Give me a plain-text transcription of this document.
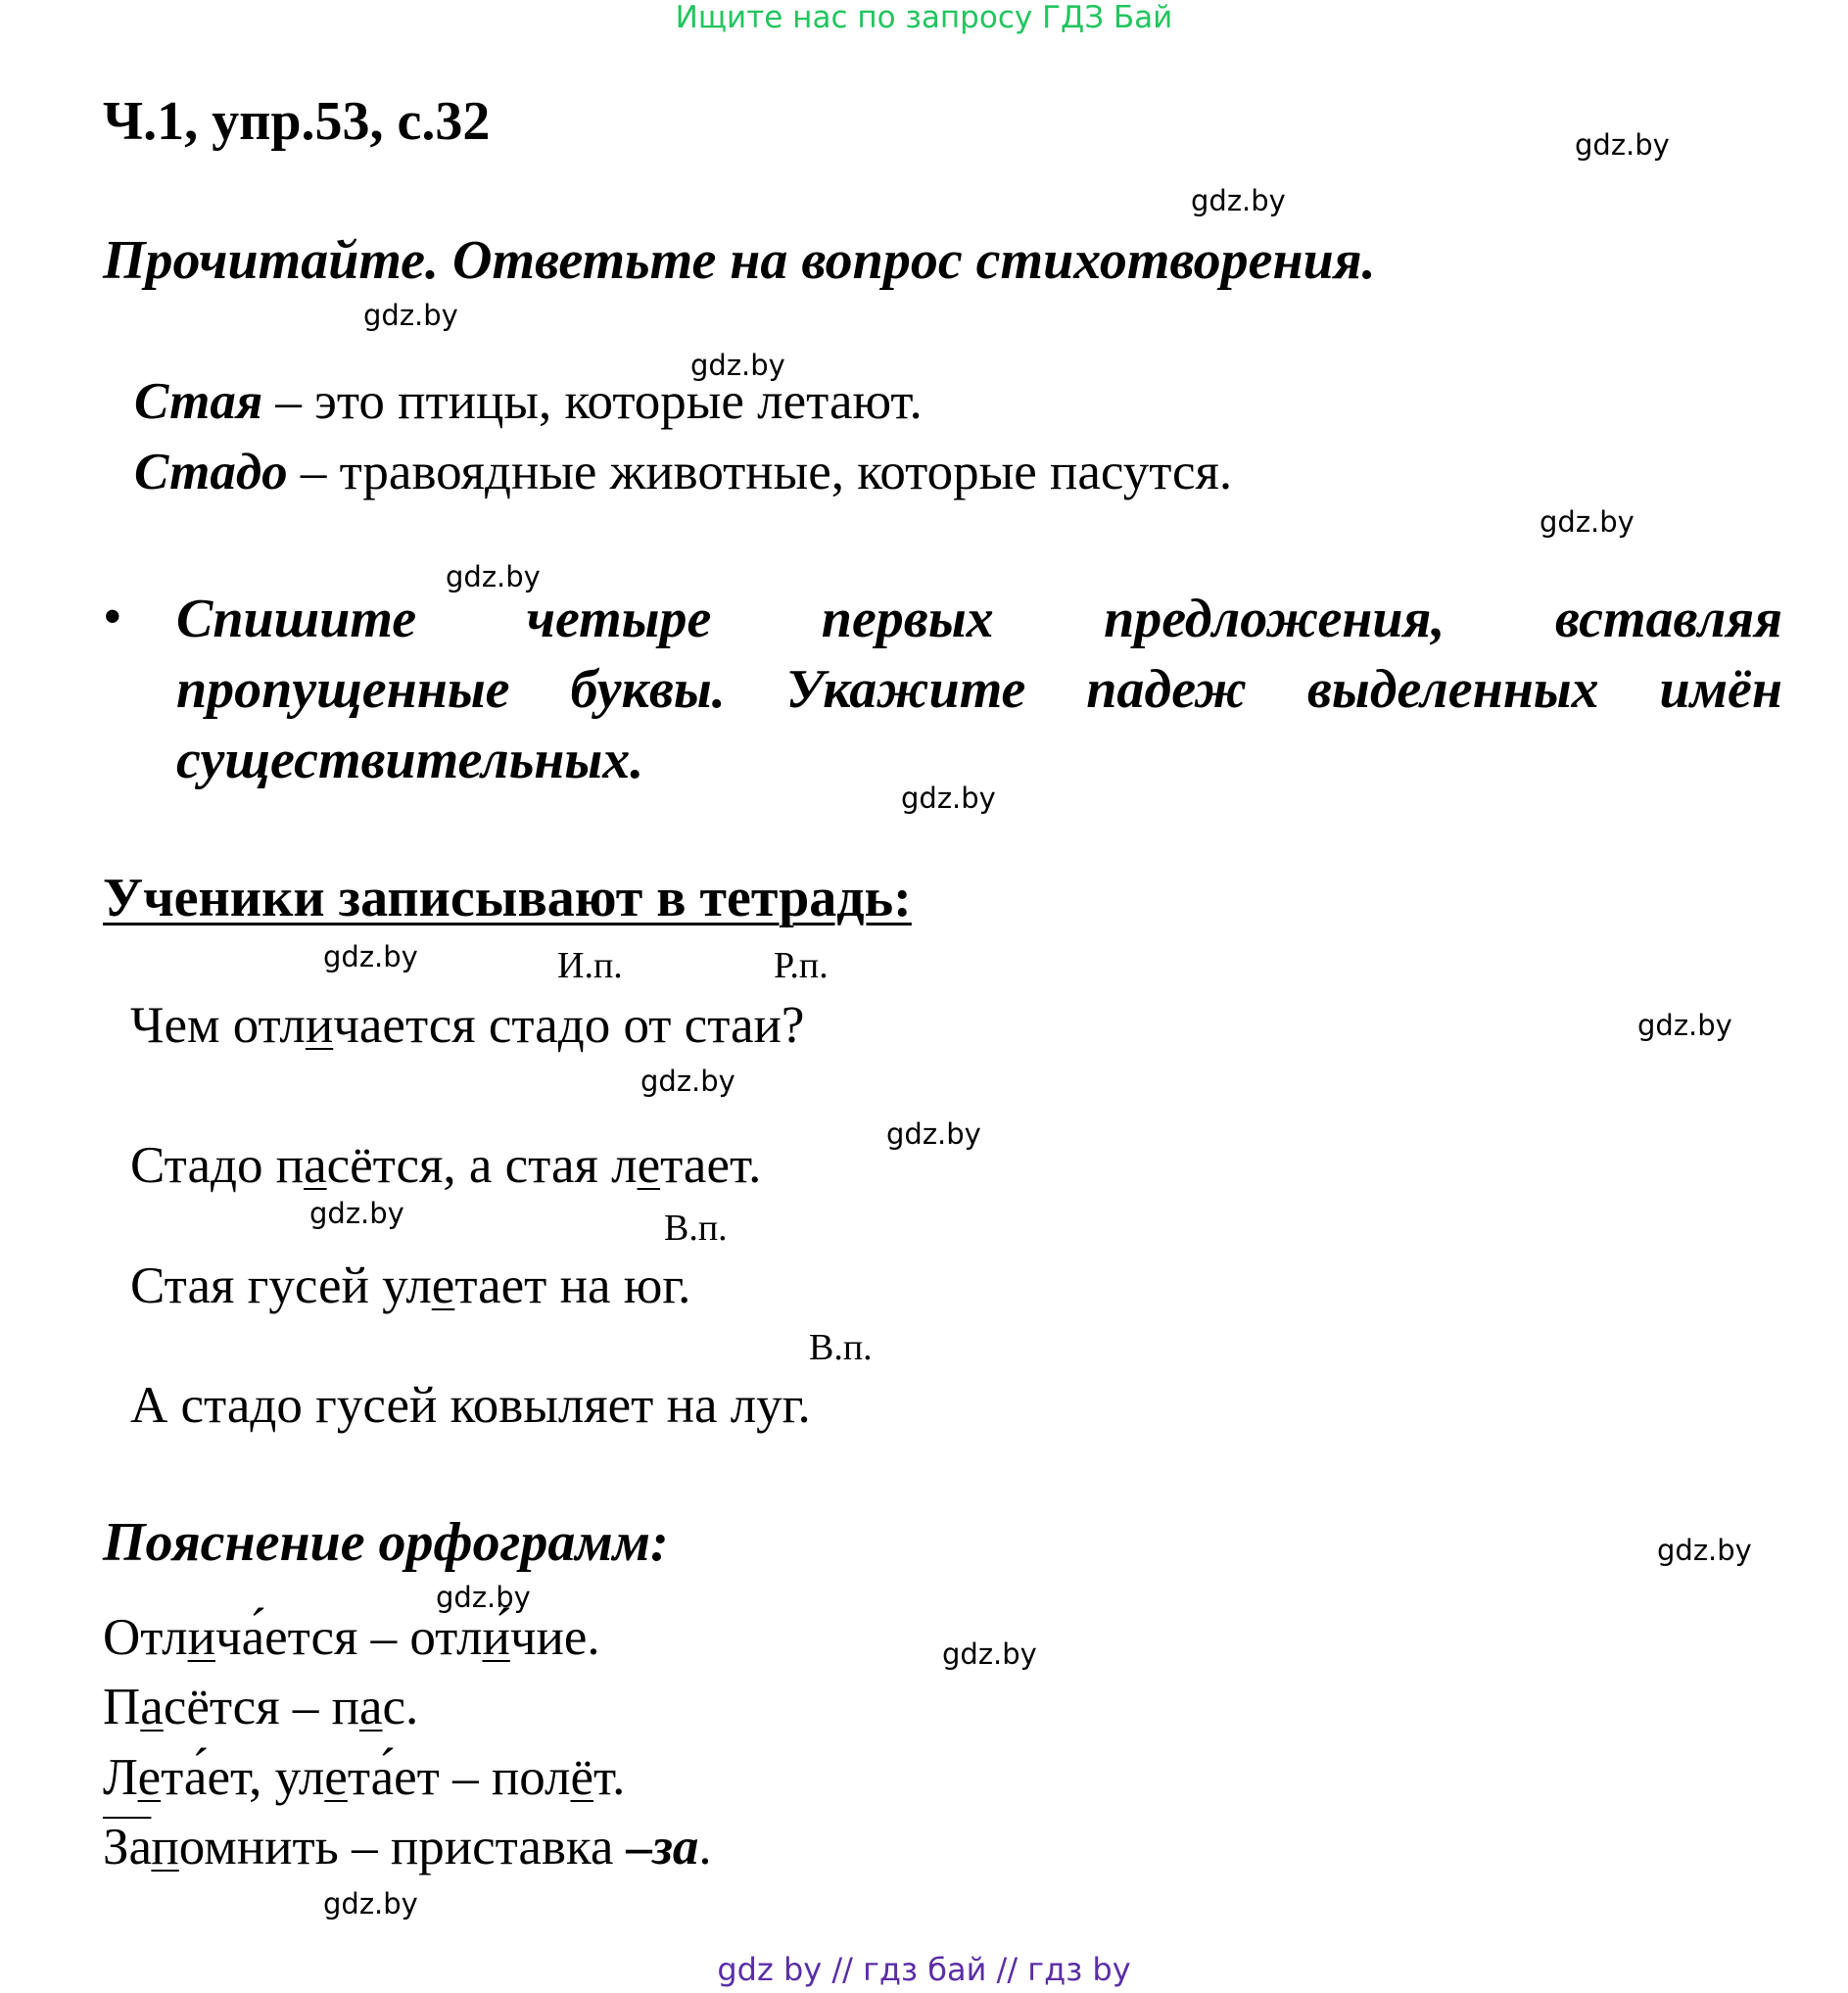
Ищите нас по запросу ГДЗ Бай
Ч.1, упр.53, с.32	gdz.by
gdz.by
Прочитайте. Ответьте на вопрос стихотворения.
gdz.by
gdz.by
Стая – это птицы, которые летают.
Стадо – травоядные животные, которые пасутся.
gdz.by
gdz.by
• Спишите четыре первых предложения, вставляя
пропущенные буквы. Укажите падеж выделенных имён
существительных.
gdz.by
Ученики записывают в тетрадь:
gdz.by	И.п.	Р.п.
Чем отличается стадо от стаи?	gdz.by
gdz.by
gdz.by
Стадо пасётся, а стая летает.
gdz.by	В.п.
Стая гусей улетает на юг.
В.п.
А стадо гусей ковыляет на луг.
Пояснение орфограмм:	gdz.by
gdz.by
Отлича́ется – отли́чие.	gdz.by
Пасётся – пас.
Лета́ет, улета́ет – полёт.
Запомнить – приставка –за.
gdz.by
gdz by // гдз бай // гдз by
